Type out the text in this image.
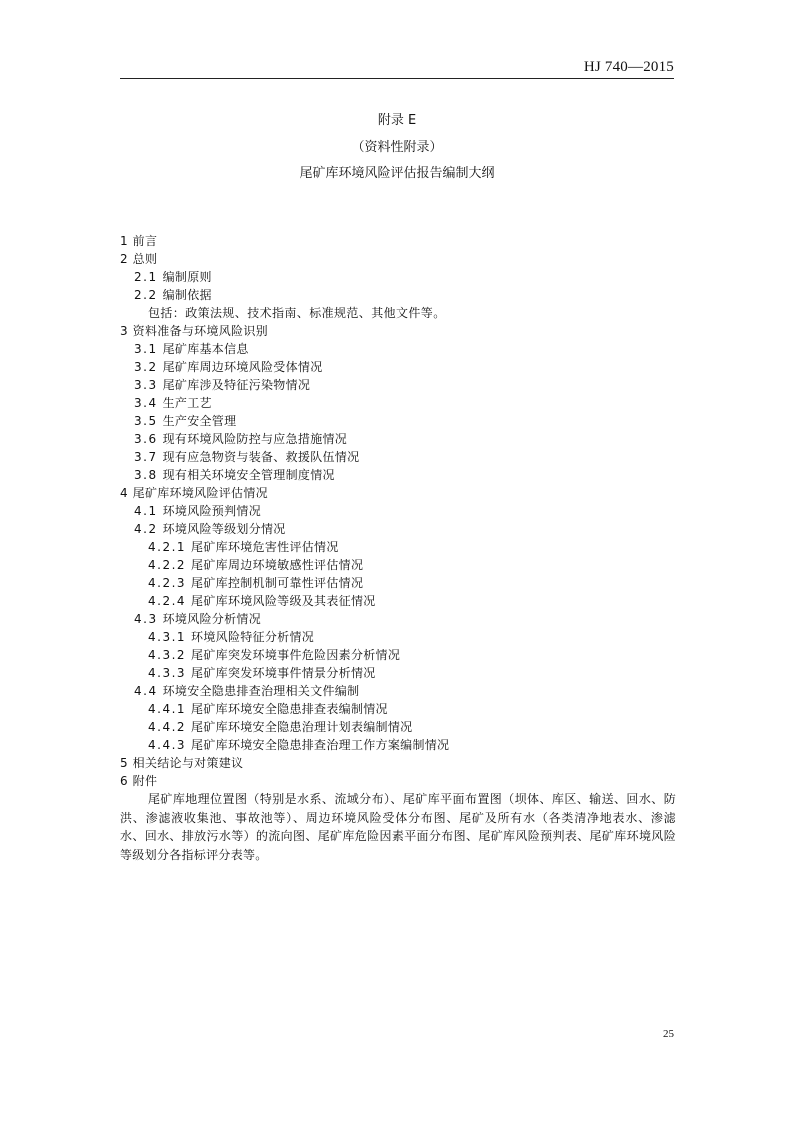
HJ 740—2015
附录 E
（资料性附录）
尾矿库环境风险评估报告编制大纲
1 前言
2 总则
2.1 编制原则
2.2 编制依据
包括：政策法规、技术指南、标准规范、其他文件等。
3 资料准备与环境风险识别
3.1 尾矿库基本信息
3.2 尾矿库周边环境风险受体情况
3.3 尾矿库涉及特征污染物情况
3.4 生产工艺
3.5 生产安全管理
3.6 现有环境风险防控与应急措施情况
3.7 现有应急物资与装备、救援队伍情况
3.8 现有相关环境安全管理制度情况
4 尾矿库环境风险评估情况
4.1 环境风险预判情况
4.2 环境风险等级划分情况
4.2.1 尾矿库环境危害性评估情况
4.2.2 尾矿库周边环境敏感性评估情况
4.2.3 尾矿库控制机制可靠性评估情况
4.2.4 尾矿库环境风险等级及其表征情况
4.3 环境风险分析情况
4.3.1 环境风险特征分析情况
4.3.2 尾矿库突发环境事件危险因素分析情况
4.3.3 尾矿库突发环境事件情景分析情况
4.4 环境安全隐患排查治理相关文件编制
4.4.1 尾矿库环境安全隐患排查表编制情况
4.4.2 尾矿库环境安全隐患治理计划表编制情况
4.4.3 尾矿库环境安全隐患排查治理工作方案编制情况
5 相关结论与对策建议
6 附件

尾矿库地理位置图（特别是水系、流域分布）、尾矿库平面布置图（坝体、库区、输送、回水、防洪、渗滤液收集池、事故池等）、周边环境风险受体分布图、尾矿及所有水（各类清净地表水、渗滤水、回水、排放污水等）的流向图、尾矿库危险因素平面分布图、尾矿库风险预判表、尾矿库环境风险等级划分各指标评分表等。

25
